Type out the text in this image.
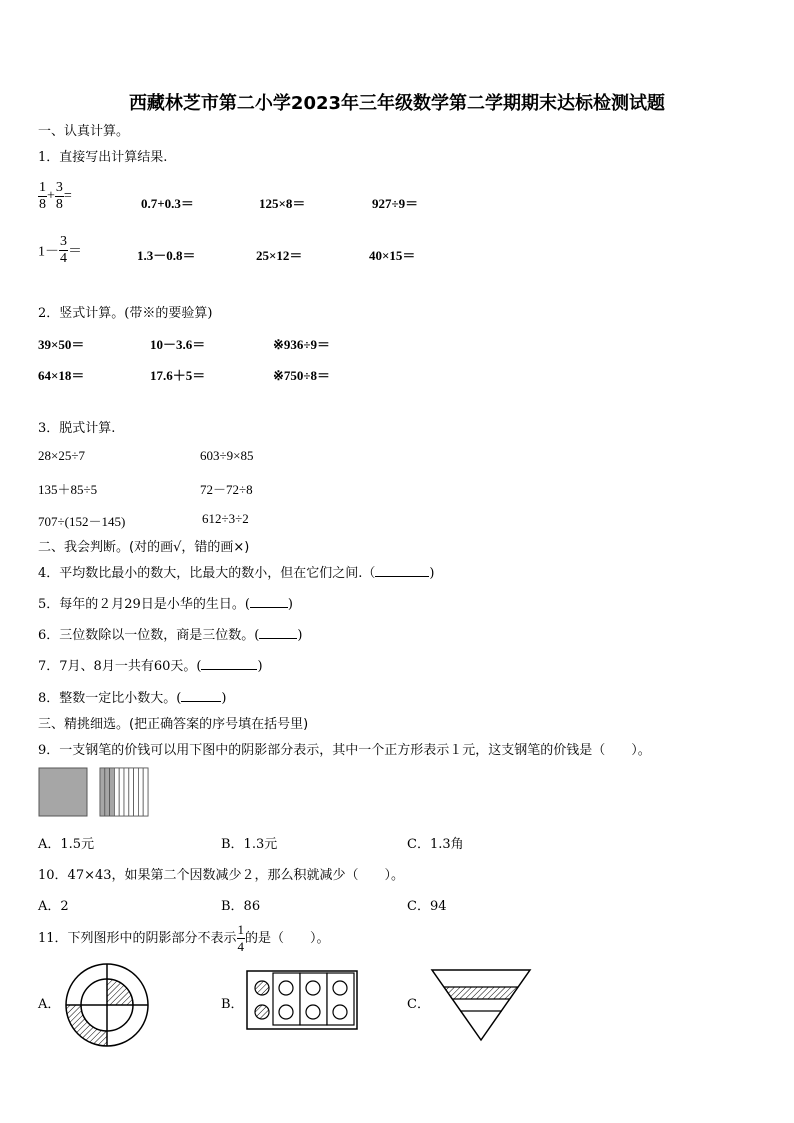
西藏林芝市第二小学2023年三年级数学第二学期期末达标检测试题
一、认真计算。
1．直接写出计算结果.
$\frac{1}{8} + \frac{3}{8}$ =	0.7+0.3＝	125×8＝	927÷9＝
$1- \frac{3}{4}$ ＝	1.3－0.8＝	25×12＝	40×15＝
2．竖式计算。(带※的要验算)
39×50＝	10－3.6＝	※936÷9＝
64×18＝	17.6＋5＝	※750÷8＝
3．脱式计算.
28×25÷7	603÷9×85
135＋85÷5	72－72÷8
707÷(152－145)	612÷3÷2
二、我会判断。(对的画√，错的画×)
4．平均数比最小的数大，比最大的数小，但在它们之间.（	)
5．每年的２月29日是小华的生日。(	)
6．三位数除以一位数，商是三位数。(	)
7．7月、8月一共有60天。(	)
8．整数一定比小数大。(	)
三、精挑细选。(把正确答案的序号填在括号里)
9．一支钢笔的价钱可以用下图中的阴影部分表示，其中一个正方形表示１元，这支钢笔的价钱是（　　）。
A．1.5元	B．1.3元	C．1.3角
10．47×43，如果第二个因数减少２，那么积就减少（　　）。
A．2	B．86	C．94
11．下列图形中的阴影部分不表示 $\frac{1}{4}$ 的是（　　）。
A．	B．	C．
